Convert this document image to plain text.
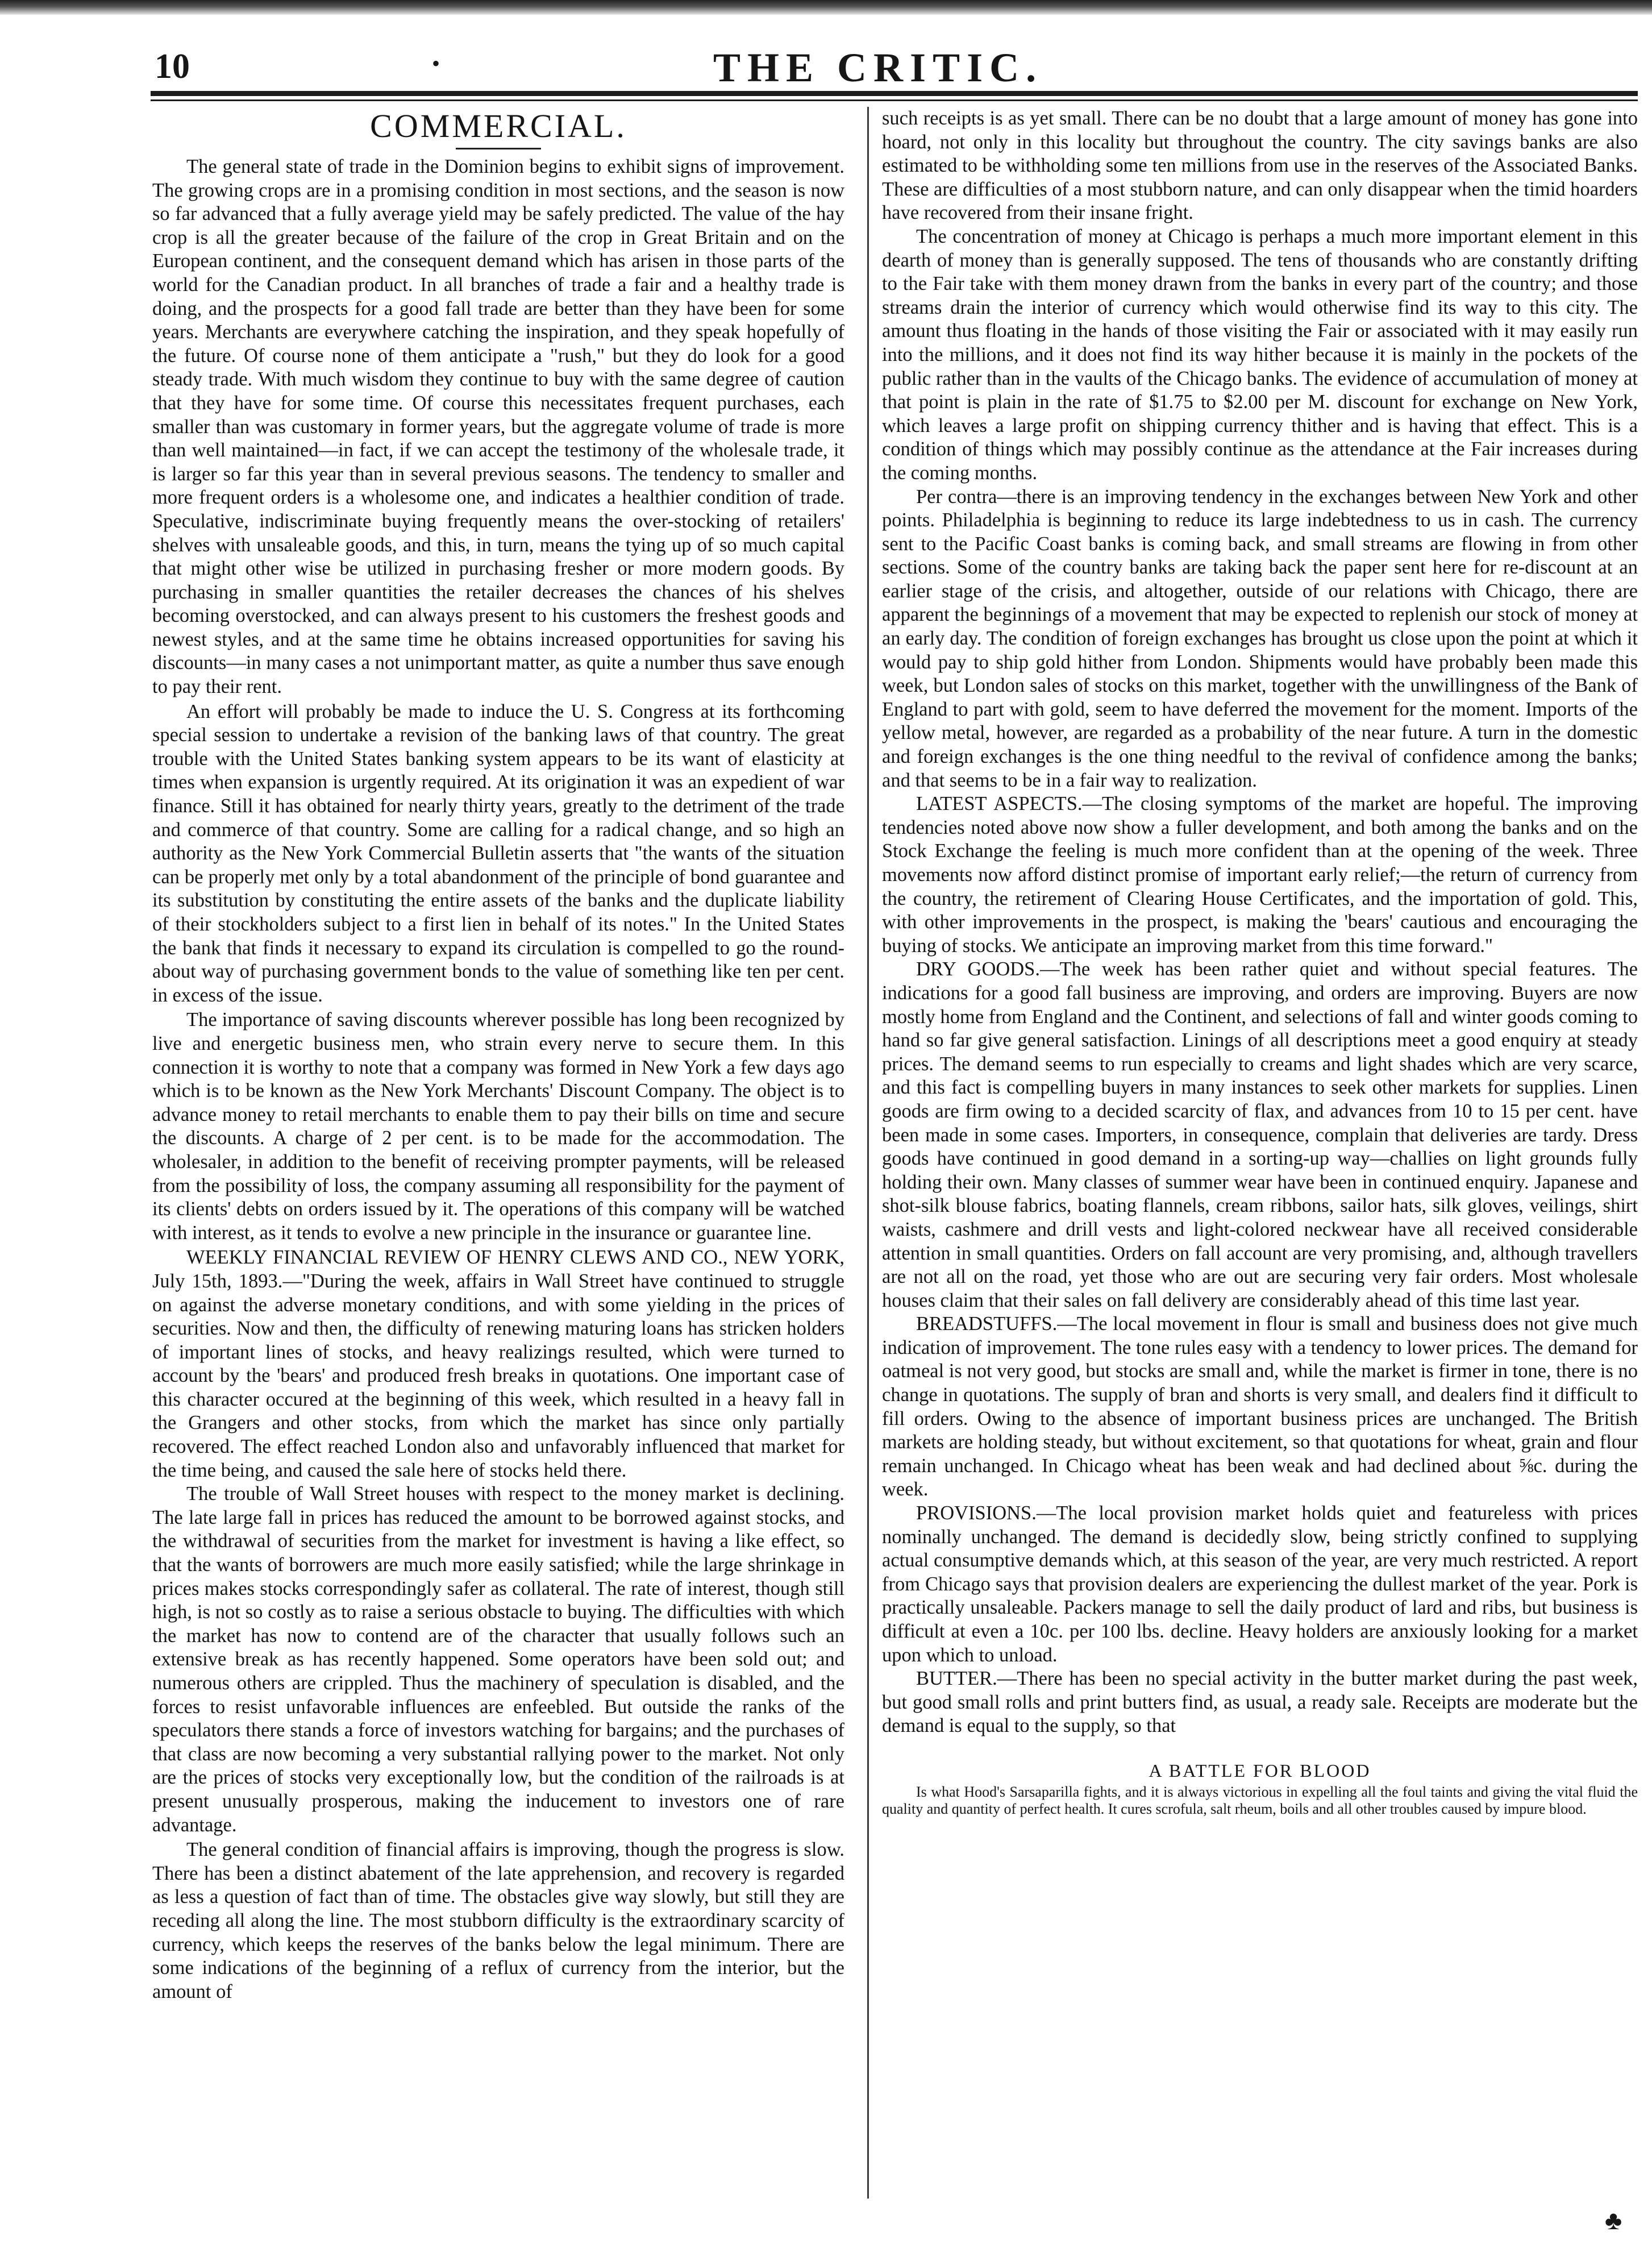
10	•	THE CRITIC.
COMMERCIAL.

The general state of trade in the Dominion begins to exhibit signs of improvement. The growing crops are in a promising condition in most sections, and the season is now so far advanced that a fully average yield may be safely predicted. The value of the hay crop is all the greater because of the failure of the crop in Great Britain and on the European continent, and the consequent demand which has arisen in those parts of the world for the Canadian product. In all branches of trade a fair and a healthy trade is doing, and the prospects for a good fall trade are better than they have been for some years. Merchants are everywhere catching the inspiration, and they speak hopefully of the future. Of course none of them anticipate a "rush," but they do look for a good steady trade. With much wisdom they continue to buy with the same degree of caution that they have for some time. Of course this necessitates frequent purchases, each smaller than was customary in former years, but the aggregate volume of trade is more than well maintained—in fact, if we can accept the testimony of the wholesale trade, it is larger so far this year than in several previous seasons. The tendency to smaller and more frequent orders is a wholesome one, and indicates a healthier condition of trade. Speculative, indiscriminate buying frequently means the over-stocking of retailers' shelves with unsaleable goods, and this, in turn, means the tying up of so much capital that might other wise be utilized in purchasing fresher or more modern goods. By purchasing in smaller quantities the retailer decreases the chances of his shelves becoming overstocked, and can always present to his customers the freshest goods and newest styles, and at the same time he obtains increased opportunities for saving his discounts—in many cases a not unimportant matter, as quite a number thus save enough to pay their rent.

An effort will probably be made to induce the U. S. Congress at its forthcoming special session to undertake a revision of the banking laws of that country. The great trouble with the United States banking system appears to be its want of elasticity at times when expansion is urgently required. At its origination it was an expedient of war finance. Still it has obtained for nearly thirty years, greatly to the detriment of the trade and commerce of that country. Some are calling for a radical change, and so high an authority as the New York Commercial Bulletin asserts that "the wants of the situation can be properly met only by a total abandonment of the principle of bond guarantee and its substitution by constituting the entire assets of the banks and the duplicate liability of their stockholders subject to a first lien in behalf of its notes." In the United States the bank that finds it necessary to expand its circulation is compelled to go the round-about way of purchasing government bonds to the value of something like ten per cent. in excess of the issue.

The importance of saving discounts wherever possible has long been recognized by live and energetic business men, who strain every nerve to secure them. In this connection it is worthy to note that a company was formed in New York a few days ago which is to be known as the New York Merchants' Discount Company. The object is to advance money to retail merchants to enable them to pay their bills on time and secure the discounts. A charge of 2 per cent. is to be made for the accommodation. The wholesaler, in addition to the benefit of receiving prompter payments, will be released from the possibility of loss, the company assuming all responsibility for the payment of its clients' debts on orders issued by it. The operations of this company will be watched with interest, as it tends to evolve a new principle in the insurance or guarantee line.

WEEKLY FINANCIAL REVIEW OF HENRY CLEWS AND CO., NEW YORK, July 15th, 1893.—"During the week, affairs in Wall Street have continued to struggle on against the adverse monetary conditions, and with some yielding in the prices of securities. Now and then, the difficulty of renewing maturing loans has stricken holders of important lines of stocks, and heavy realizings resulted, which were turned to account by the 'bears' and produced fresh breaks in quotations. One important case of this character occured at the beginning of this week, which resulted in a heavy fall in the Grangers and other stocks, from which the market has since only partially recovered. The effect reached London also and unfavorably influenced that market for the time being, and caused the sale here of stocks held there.

The trouble of Wall Street houses with respect to the money market is declining. The late large fall in prices has reduced the amount to be borrowed against stocks, and the withdrawal of securities from the market for investment is having a like effect, so that the wants of borrowers are much more easily satisfied; while the large shrinkage in prices makes stocks correspondingly safer as collateral. The rate of interest, though still high, is not so costly as to raise a serious obstacle to buying. The difficulties with which the market has now to contend are of the character that usually follows such an extensive break as has recently happened. Some operators have been sold out; and numerous others are crippled. Thus the machinery of speculation is disabled, and the forces to resist unfavorable influences are enfeebled. But outside the ranks of the speculators there stands a force of investors watching for bargains; and the purchases of that class are now becoming a very substantial rallying power to the market. Not only are the prices of stocks very exceptionally low, but the condition of the railroads is at present unusually prosperous, making the inducement to investors one of rare advantage.

The general condition of financial affairs is improving, though the progress is slow. There has been a distinct abatement of the late apprehension, and recovery is regarded as less a question of fact than of time. The obstacles give way slowly, but still they are receding all along the line. The most stubborn difficulty is the extraordinary scarcity of currency, which keeps the reserves of the banks below the legal minimum. There are some indications of the beginning of a reflux of currency from the interior, but the amount of

such receipts is as yet small. There can be no doubt that a large amount of money has gone into hoard, not only in this locality but throughout the country. The city savings banks are also estimated to be withholding some ten millions from use in the reserves of the Associated Banks. These are difficulties of a most stubborn nature, and can only disappear when the timid hoarders have recovered from their insane fright.

The concentration of money at Chicago is perhaps a much more important element in this dearth of money than is generally supposed. The tens of thousands who are constantly drifting to the Fair take with them money drawn from the banks in every part of the country; and those streams drain the interior of currency which would otherwise find its way to this city. The amount thus floating in the hands of those visiting the Fair or associated with it may easily run into the millions, and it does not find its way hither because it is mainly in the pockets of the public rather than in the vaults of the Chicago banks. The evidence of accumulation of money at that point is plain in the rate of $1.75 to $2.00 per M. discount for exchange on New York, which leaves a large profit on shipping currency thither and is having that effect. This is a condition of things which may possibly continue as the attendance at the Fair increases during the coming months.

Per contra—there is an improving tendency in the exchanges between New York and other points. Philadelphia is beginning to reduce its large indebtedness to us in cash. The currency sent to the Pacific Coast banks is coming back, and small streams are flowing in from other sections. Some of the country banks are taking back the paper sent here for re-discount at an earlier stage of the crisis, and altogether, outside of our relations with Chicago, there are apparent the beginnings of a movement that may be expected to replenish our stock of money at an early day. The condition of foreign exchanges has brought us close upon the point at which it would pay to ship gold hither from London. Shipments would have probably been made this week, but London sales of stocks on this market, together with the unwillingness of the Bank of England to part with gold, seem to have deferred the movement for the moment. Imports of the yellow metal, however, are regarded as a probability of the near future. A turn in the domestic and foreign exchanges is the one thing needful to the revival of confidence among the banks; and that seems to be in a fair way to realization.

LATEST ASPECTS.—The closing symptoms of the market are hopeful. The improving tendencies noted above now show a fuller development, and both among the banks and on the Stock Exchange the feeling is much more confident than at the opening of the week. Three movements now afford distinct promise of important early relief;—the return of currency from the country, the retirement of Clearing House Certificates, and the importation of gold. This, with other improvements in the prospect, is making the 'bears' cautious and encouraging the buying of stocks. We anticipate an improving market from this time forward."

DRY GOODS.—The week has been rather quiet and without special features. The indications for a good fall business are improving, and orders are improving. Buyers are now mostly home from England and the Continent, and selections of fall and winter goods coming to hand so far give general satisfaction. Linings of all descriptions meet a good enquiry at steady prices. The demand seems to run especially to creams and light shades which are very scarce, and this fact is compelling buyers in many instances to seek other markets for supplies. Linen goods are firm owing to a decided scarcity of flax, and advances from 10 to 15 per cent. have been made in some cases. Importers, in consequence, complain that deliveries are tardy. Dress goods have continued in good demand in a sorting-up way—challies on light grounds fully holding their own. Many classes of summer wear have been in continued enquiry. Japanese and shot-silk blouse fabrics, boating flannels, cream ribbons, sailor hats, silk gloves, veilings, shirt waists, cashmere and drill vests and light-colored neckwear have all received considerable attention in small quantities. Orders on fall account are very promising, and, although travellers are not all on the road, yet those who are out are securing very fair orders. Most wholesale houses claim that their sales on fall delivery are considerably ahead of this time last year.

BREADSTUFFS.—The local movement in flour is small and business does not give much indication of improvement. The tone rules easy with a tendency to lower prices. The demand for oatmeal is not very good, but stocks are small and, while the market is firmer in tone, there is no change in quotations. The supply of bran and shorts is very small, and dealers find it difficult to fill orders. Owing to the absence of important business prices are unchanged. The British markets are holding steady, but without excitement, so that quotations for wheat, grain and flour remain unchanged. In Chicago wheat has been weak and had declined about ⅝c. during the week.

PROVISIONS.—The local provision market holds quiet and featureless with prices nominally unchanged. The demand is decidedly slow, being strictly confined to supplying actual consumptive demands which, at this season of the year, are very much restricted. A report from Chicago says that provision dealers are experiencing the dullest market of the year. Pork is practically unsaleable. Packers manage to sell the daily product of lard and ribs, but business is difficult at even a 10c. per 100 lbs. decline. Heavy holders are anxiously looking for a market upon which to unload.

BUTTER.—There has been no special activity in the butter market during the past week, but good small rolls and print butters find, as usual, a ready sale. Receipts are moderate but the demand is equal to the supply, so that

A BATTLE FOR BLOOD

Is what Hood's Sarsaparilla fights, and it is always victorious in expelling all the foul taints and giving the vital fluid the quality and quantity of perfect health. It cures scrofula, salt rheum, boils and all other troubles caused by impure blood.

♣
